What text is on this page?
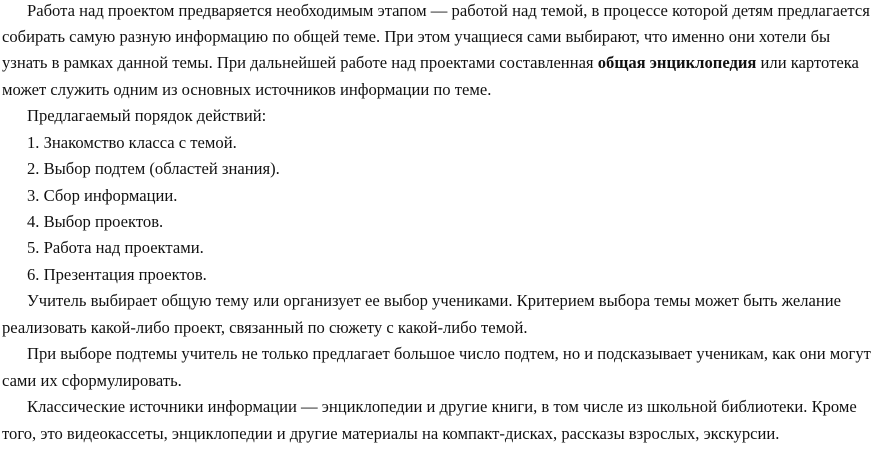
Работа над проектом предваряется необходимым этапом — работой над темой, в процессе которой детям предлагается
собирать самую разную информацию по общей теме. При этом учащиеся сами выбирают, что именно они хотели бы
узнать в рамках данной темы. При дальнейшей работе над проектами составленная общая энциклопедия или картотека
может служить одним из основных источников информации по теме.
Предлагаемый порядок действий:
1. Знакомство класса с темой.
2. Выбор подтем (областей знания).
3. Сбор информации.
4. Выбор проектов.
5. Работа над проектами.
6. Презентация проектов.
Учитель выбирает общую тему или организует ее выбор учениками. Критерием выбора темы может быть желание
реализовать какой-либо проект, связанный по сюжету с какой-либо темой.
При выборе подтемы учитель не только предлагает большое число подтем, но и подсказывает ученикам, как они могут
сами их сформулировать.
Классические источники информации — энциклопедии и другие книги, в том числе из школьной библиотеки. Кроме
того, это видеокассеты, энциклопедии и другие материалы на компакт-дисках, рассказы взрослых, экскурсии.
